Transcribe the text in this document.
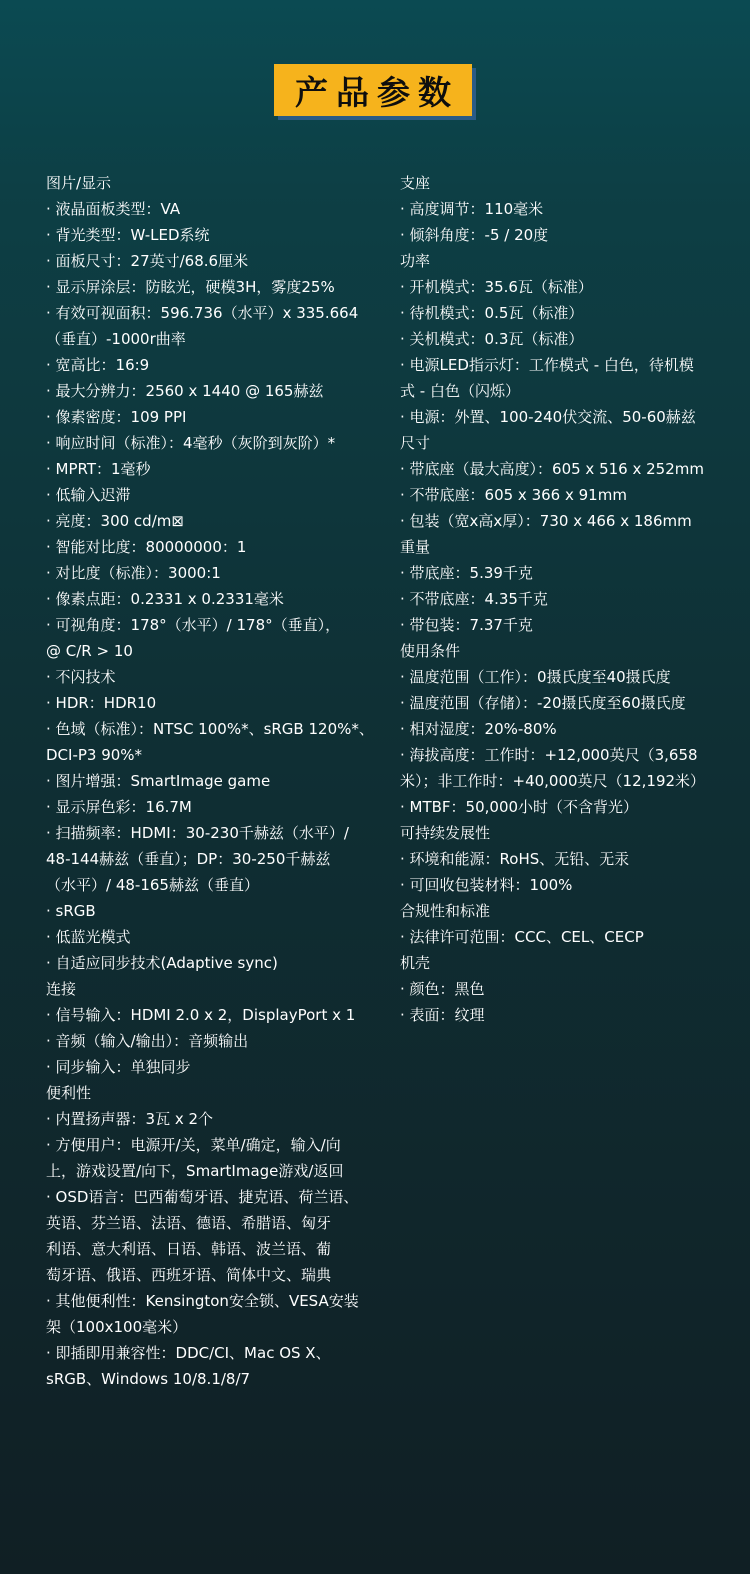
产品参数
图片/显示
· 液晶面板类型：VA
· 背光类型：W-LED系统
· 面板尺寸：27英寸/68.6厘米
· 显示屏涂层：防眩光，硬模3H，雾度25%
· 有效可视面积：596.736（水平）x 335.664
（垂直）-1000r曲率
· 宽高比：16:9
· 最大分辨力：2560 x 1440 @ 165赫兹
· 像素密度：109 PPI
· 响应时间（标准）：4毫秒（灰阶到灰阶）*
· MPRT：1毫秒
· 低输入迟滞
· 亮度：300 cd/m⊠
· 智能对比度：80000000：1
· 对比度（标准）：3000:1
· 像素点距：0.2331 x 0.2331毫米
· 可视角度：178°（水平）/ 178°（垂直），
@ C/R > 10
· 不闪技术
· HDR：HDR10
· 色域（标准）：NTSC 100%*、sRGB 120%*、
DCI-P3 90%*
· 图片增强：SmartImage game
· 显示屏色彩：16.7M
· 扫描频率：HDMI：30-230千赫兹（水平）/
48-144赫兹（垂直）；DP：30-250千赫兹
（水平）/ 48-165赫兹（垂直）
· sRGB
· 低蓝光模式
· 自适应同步技术(Adaptive sync)
连接
· 信号输入：HDMI 2.0 x 2，DisplayPort x 1
· 音频（输入/输出）：音频输出
· 同步输入：单独同步
便利性
· 内置扬声器：3瓦 x 2个
· 方便用户：电源开/关，菜单/确定，输入/向
上，游戏设置/向下，SmartImage游戏/返回
· OSD语言：巴西葡萄牙语、捷克语、荷兰语、
英语、芬兰语、法语、德语、希腊语、匈牙
利语、意大利语、日语、韩语、波兰语、葡
萄牙语、俄语、西班牙语、简体中文、瑞典
· 其他便利性：Kensington安全锁、VESA安装
架（100x100毫米）
· 即插即用兼容性：DDC/CI、Mac OS X、
sRGB、Windows 10/8.1/8/7
支座
· 高度调节：110毫米
· 倾斜角度：-5 / 20度
功率
· 开机模式：35.6瓦（标准）
· 待机模式：0.5瓦（标准）
· 关机模式：0.3瓦（标准）
· 电源LED指示灯：工作模式 - 白色，待机模
式 - 白色（闪烁）
· 电源：外置、100-240伏交流、50-60赫兹
尺寸
· 带底座（最大高度）：605 x 516 x 252mm
· 不带底座：605 x 366 x 91mm
· 包装（宽x高x厚）：730 x 466 x 186mm
重量
· 带底座：5.39千克
· 不带底座：4.35千克
· 带包装：7.37千克
使用条件
· 温度范围（工作）：0摄氏度至40摄氏度
· 温度范围（存储）：-20摄氏度至60摄氏度
· 相对湿度：20%-80%
· 海拔高度：工作时：+12,000英尺（3,658
米）；非工作时：+40,000英尺（12,192米）
· MTBF：50,000小时（不含背光）
可持续发展性
· 环境和能源：RoHS、无铅、无汞
· 可回收包装材料：100%
合规性和标准
· 法律许可范围：CCC、CEL、CECP
机壳
· 颜色：黑色
· 表面：纹理
